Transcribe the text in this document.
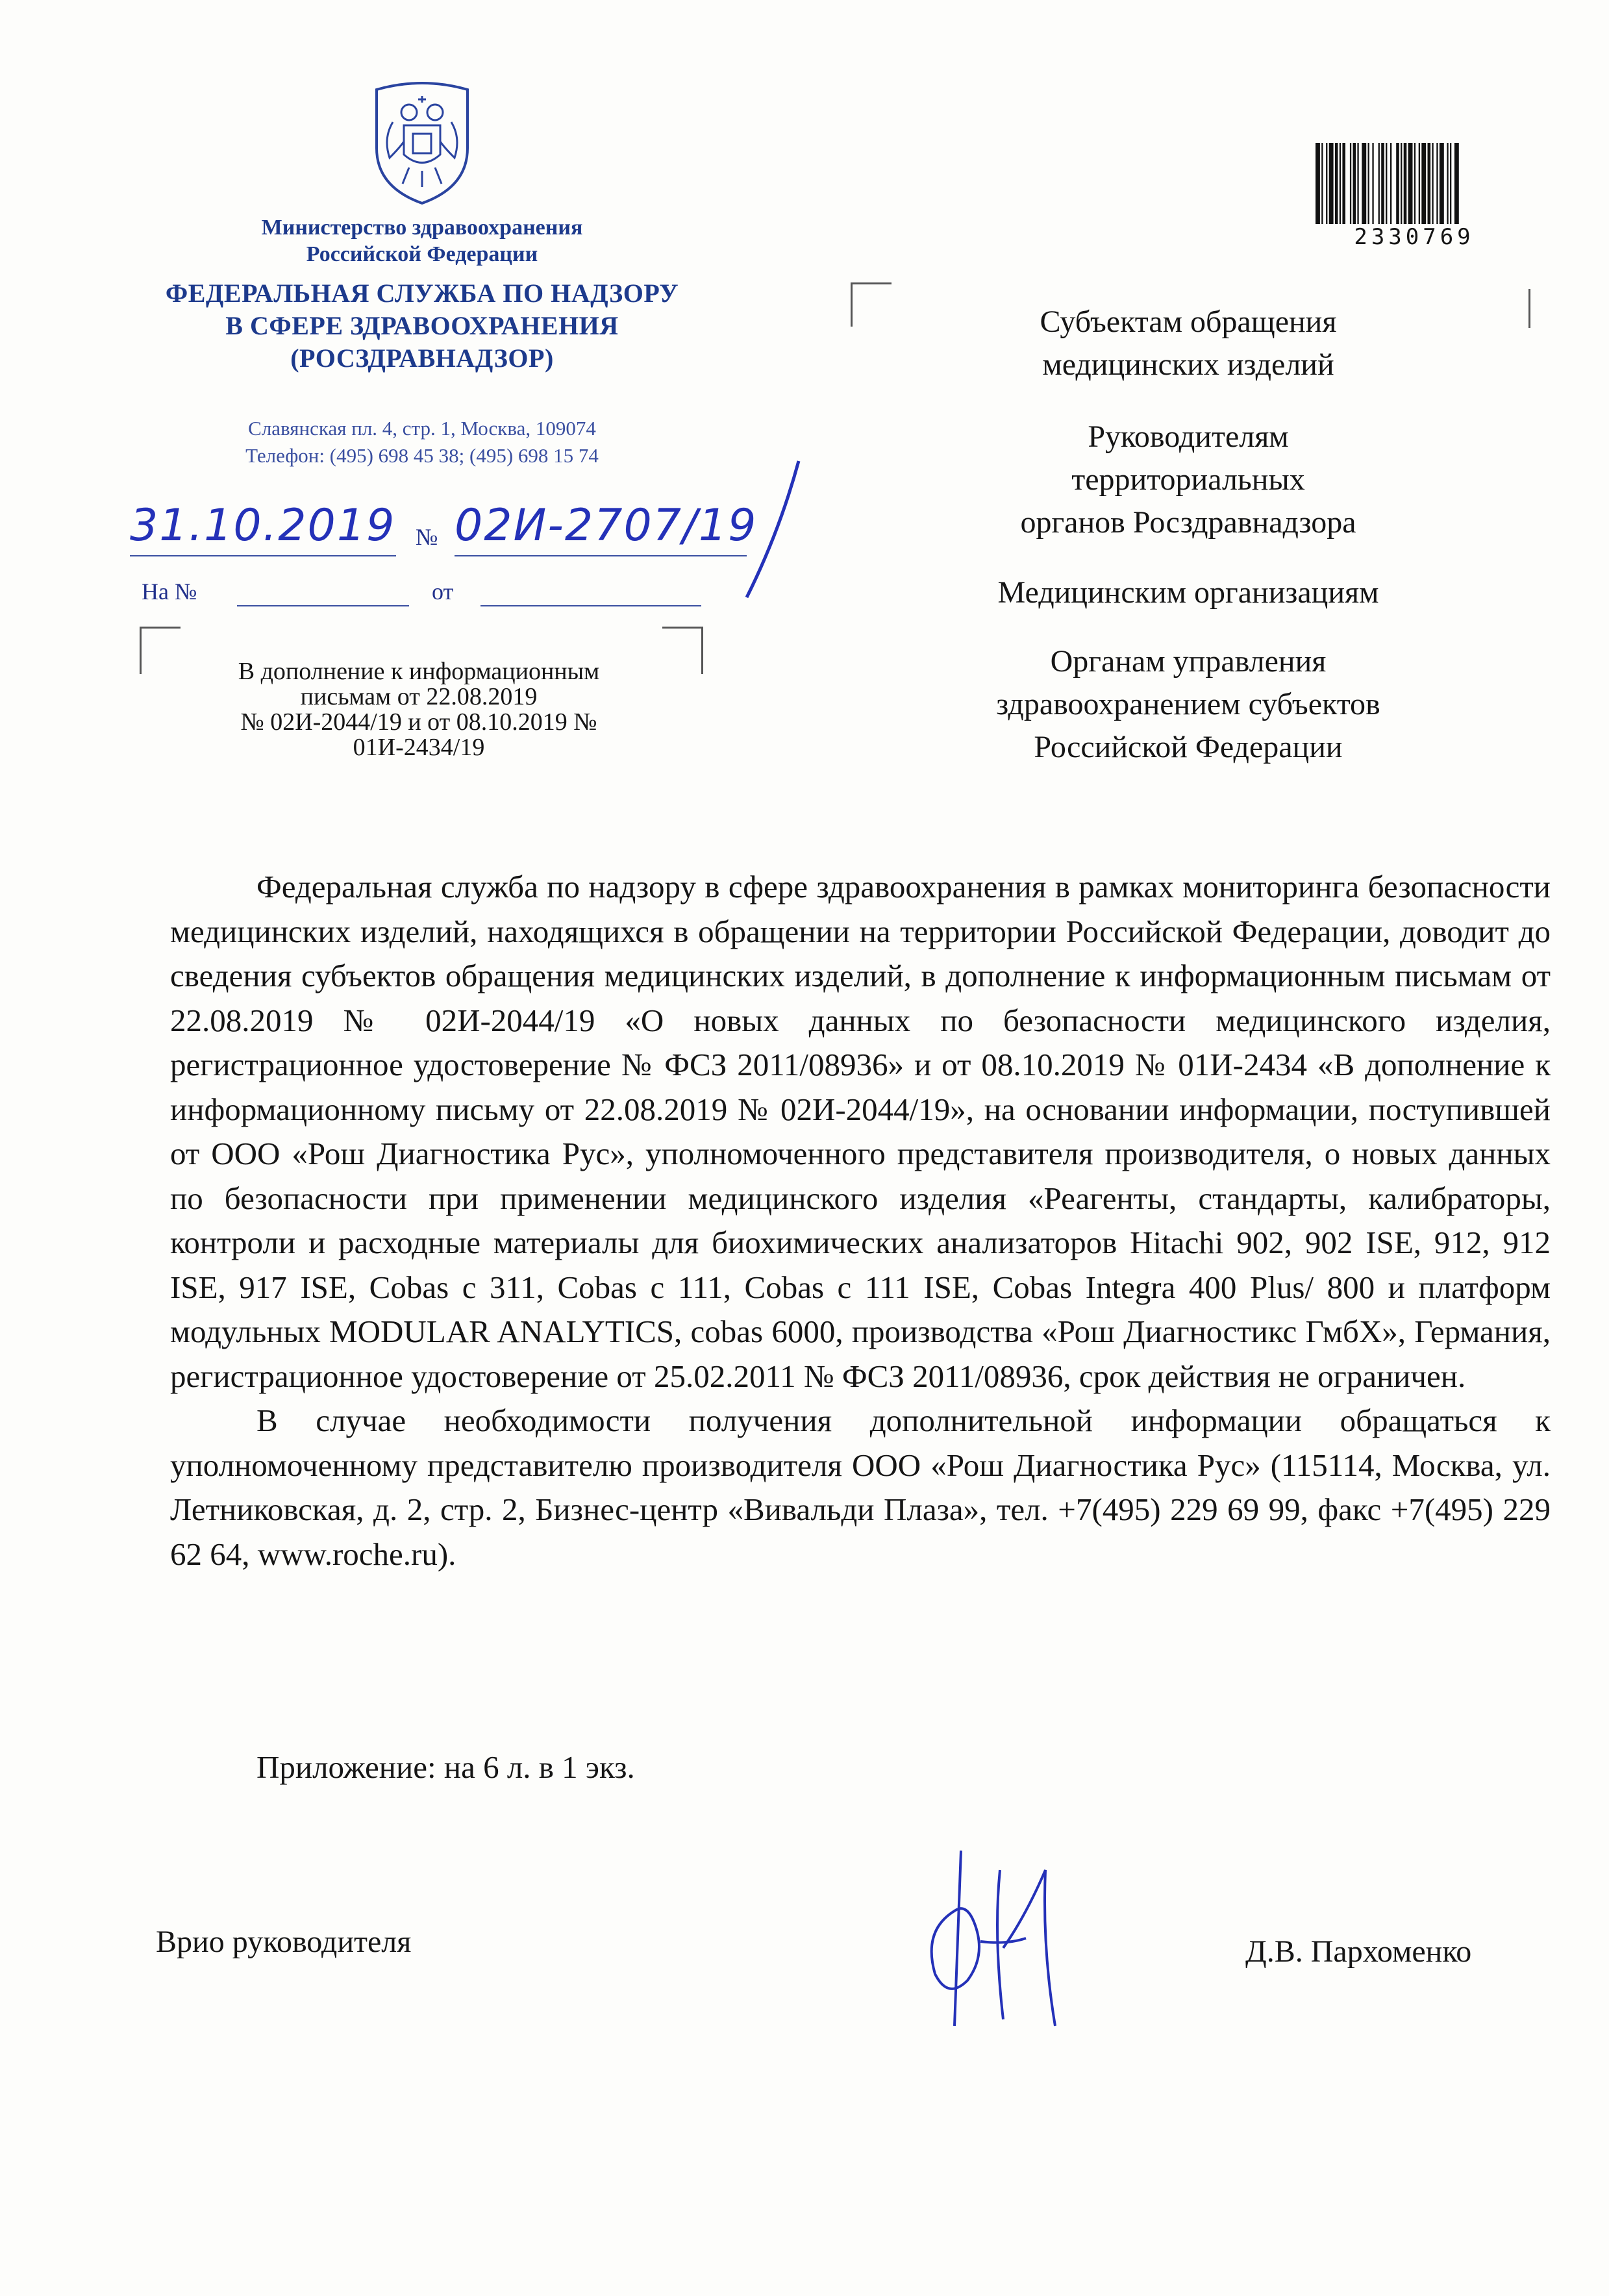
Министерство здравоохранения
Российской Федерации
ФЕДЕРАЛЬНАЯ СЛУЖБА ПО НАДЗОРУ
В СФЕРЕ ЗДРАВООХРАНЕНИЯ
(РОСЗДРАВНАДЗОР)
Славянская пл. 4, стр. 1, Москва, 109074
Телефон: (495) 698 45 38; (495) 698 15 74
31.10.2019 № 02И-2707/19
На №	от
В дополнение к информационным
письмам от 22.08.2019
№ 02И-2044/19 и от 08.10.2019 №
01И-2434/19
2330769
Субъектам обращения
медицинских изделий
Руководителям
территориальных
органов Росздравнадзора
Медицинским организациям
Органам управления
здравоохранением субъектов
Российской Федерации

Федеральная служба по надзору в сфере здравоохранения в рамках мониторинга безопасности медицинских изделий, находящихся в обращении на территории Российской Федерации, доводит до сведения субъектов обращения медицинских изделий, в дополнение к информационным письмам от 22.08.2019 № 02И-2044/19 «О новых данных по безопасности медицинского изделия, регистрационное удостоверение № ФСЗ 2011/08936» и от 08.10.2019 № 01И-2434 «В дополнение к информационному письму от 22.08.2019 № 02И-2044/19», на основании информации, поступившей от ООО «Рош Диагностика Рус», уполномоченного представителя производителя, о новых данных по безопасности при применении медицинского изделия «Реагенты, стандарты, калибраторы, контроли и расходные материалы для биохимических анализаторов Hitachi 902, 902 ISE, 912, 912 ISE, 917 ISE, Cobas c 311, Cobas c 111, Cobas c 111 ISE, Cobas Integra 400 Plus/ 800 и платформ модульных MODULAR ANALYTICS, cobas 6000, производства «Рош Диагностикс ГмбХ», Германия, регистрационное удостоверение от 25.02.2011 № ФСЗ 2011/08936, срок действия не ограничен.

В случае необходимости получения дополнительной информации обращаться к уполномоченному представителю производителя ООО «Рош Диагностика Рус» (115114, Москва, ул. Летниковская, д. 2, стр. 2, Бизнес-центр «Вивальди Плаза», тел. +7(495) 229 69 99, факс +7(495) 229 62 64, www.roche.ru).

Приложение: на 6 л. в 1 экз.
Врио руководителя	Д.В. Пархоменко
